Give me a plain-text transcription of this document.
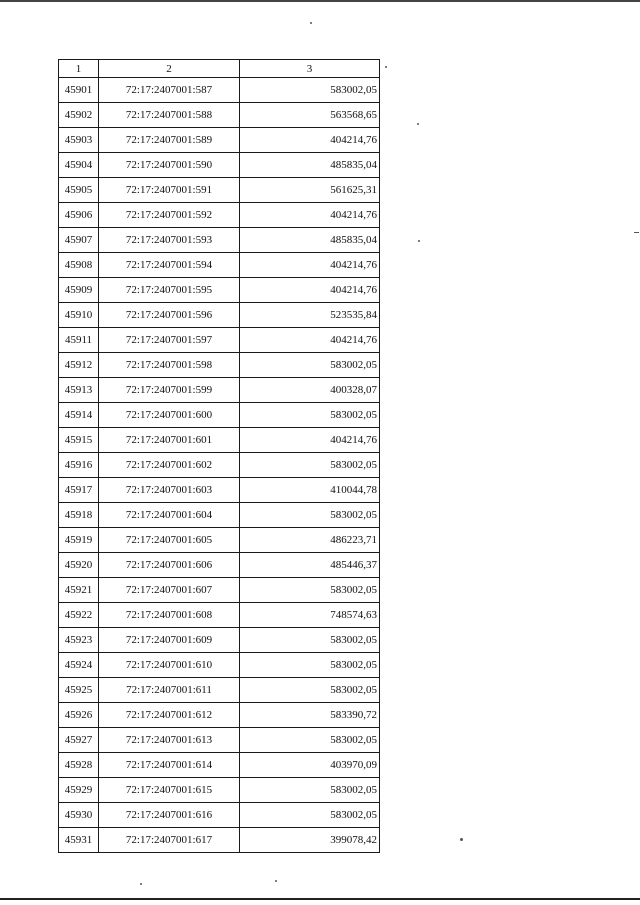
1	2	3
45901	72:17:2407001:587	583002,05
45902	72:17:2407001:588	563568,65
45903	72:17:2407001:589	404214,76
45904	72:17:2407001:590	485835,04
45905	72:17:2407001:591	561625,31
45906	72:17:2407001:592	404214,76
45907	72:17:2407001:593	485835,04
45908	72:17:2407001:594	404214,76
45909	72:17:2407001:595	404214,76
45910	72:17:2407001:596	523535,84
45911	72:17:2407001:597	404214,76
45912	72:17:2407001:598	583002,05
45913	72:17:2407001:599	400328,07
45914	72:17:2407001:600	583002,05
45915	72:17:2407001:601	404214,76
45916	72:17:2407001:602	583002,05
45917	72:17:2407001:603	410044,78
45918	72:17:2407001:604	583002,05
45919	72:17:2407001:605	486223,71
45920	72:17:2407001:606	485446,37
45921	72:17:2407001:607	583002,05
45922	72:17:2407001:608	748574,63
45923	72:17:2407001:609	583002,05
45924	72:17:2407001:610	583002,05
45925	72:17:2407001:611	583002,05
45926	72:17:2407001:612	583390,72
45927	72:17:2407001:613	583002,05
45928	72:17:2407001:614	403970,09
45929	72:17:2407001:615	583002,05
45930	72:17:2407001:616	583002,05
45931	72:17:2407001:617	399078,42
